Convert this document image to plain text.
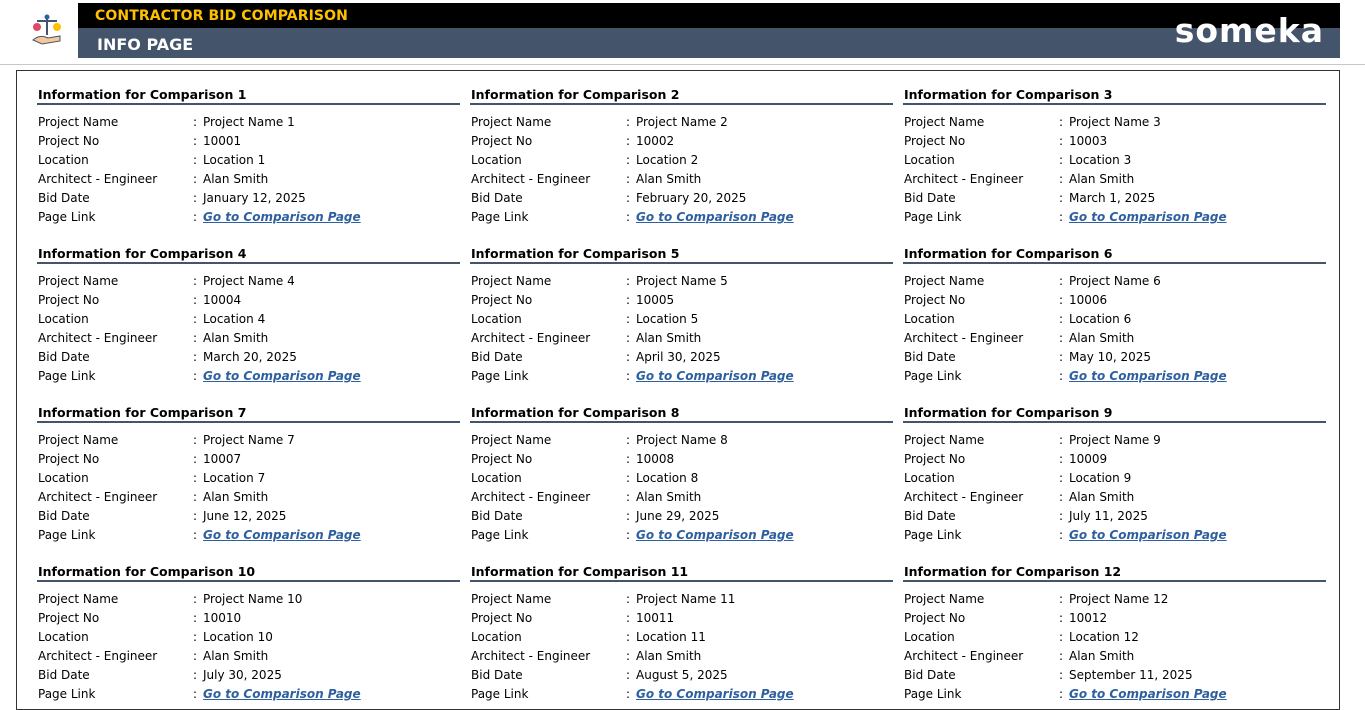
CONTRACTOR BID COMPARISON
INFO PAGE	someka
Information for Comparison 1
Project Name	: Project Name 1
Project No	: 10001
Location	: Location 1
Architect - Engineer	: Alan Smith
Bid Date	: January 12, 2025
Page Link	: Go to Comparison Page
Information for Comparison 2
Project Name	: Project Name 2
Project No	: 10002
Location	: Location 2
Architect - Engineer	: Alan Smith
Bid Date	: February 20, 2025
Page Link	: Go to Comparison Page
Information for Comparison 3
Project Name	: Project Name 3
Project No	: 10003
Location	: Location 3
Architect - Engineer	: Alan Smith
Bid Date	: March 1, 2025
Page Link	: Go to Comparison Page
Information for Comparison 4
Project Name	: Project Name 4
Project No	: 10004
Location	: Location 4
Architect - Engineer	: Alan Smith
Bid Date	: March 20, 2025
Page Link	: Go to Comparison Page
Information for Comparison 5
Project Name	: Project Name 5
Project No	: 10005
Location	: Location 5
Architect - Engineer	: Alan Smith
Bid Date	: April 30, 2025
Page Link	: Go to Comparison Page
Information for Comparison 6
Project Name	: Project Name 6
Project No	: 10006
Location	: Location 6
Architect - Engineer	: Alan Smith
Bid Date	: May 10, 2025
Page Link	: Go to Comparison Page
Information for Comparison 7
Project Name	: Project Name 7
Project No	: 10007
Location	: Location 7
Architect - Engineer	: Alan Smith
Bid Date	: June 12, 2025
Page Link	: Go to Comparison Page
Information for Comparison 8
Project Name	: Project Name 8
Project No	: 10008
Location	: Location 8
Architect - Engineer	: Alan Smith
Bid Date	: June 29, 2025
Page Link	: Go to Comparison Page
Information for Comparison 9
Project Name	: Project Name 9
Project No	: 10009
Location	: Location 9
Architect - Engineer	: Alan Smith
Bid Date	: July 11, 2025
Page Link	: Go to Comparison Page
Information for Comparison 10
Project Name	: Project Name 10
Project No	: 10010
Location	: Location 10
Architect - Engineer	: Alan Smith
Bid Date	: July 30, 2025
Page Link	: Go to Comparison Page
Information for Comparison 11
Project Name	: Project Name 11
Project No	: 10011
Location	: Location 11
Architect - Engineer	: Alan Smith
Bid Date	: August 5, 2025
Page Link	: Go to Comparison Page
Information for Comparison 12
Project Name	: Project Name 12
Project No	: 10012
Location	: Location 12
Architect - Engineer	: Alan Smith
Bid Date	: September 11, 2025
Page Link	: Go to Comparison Page
